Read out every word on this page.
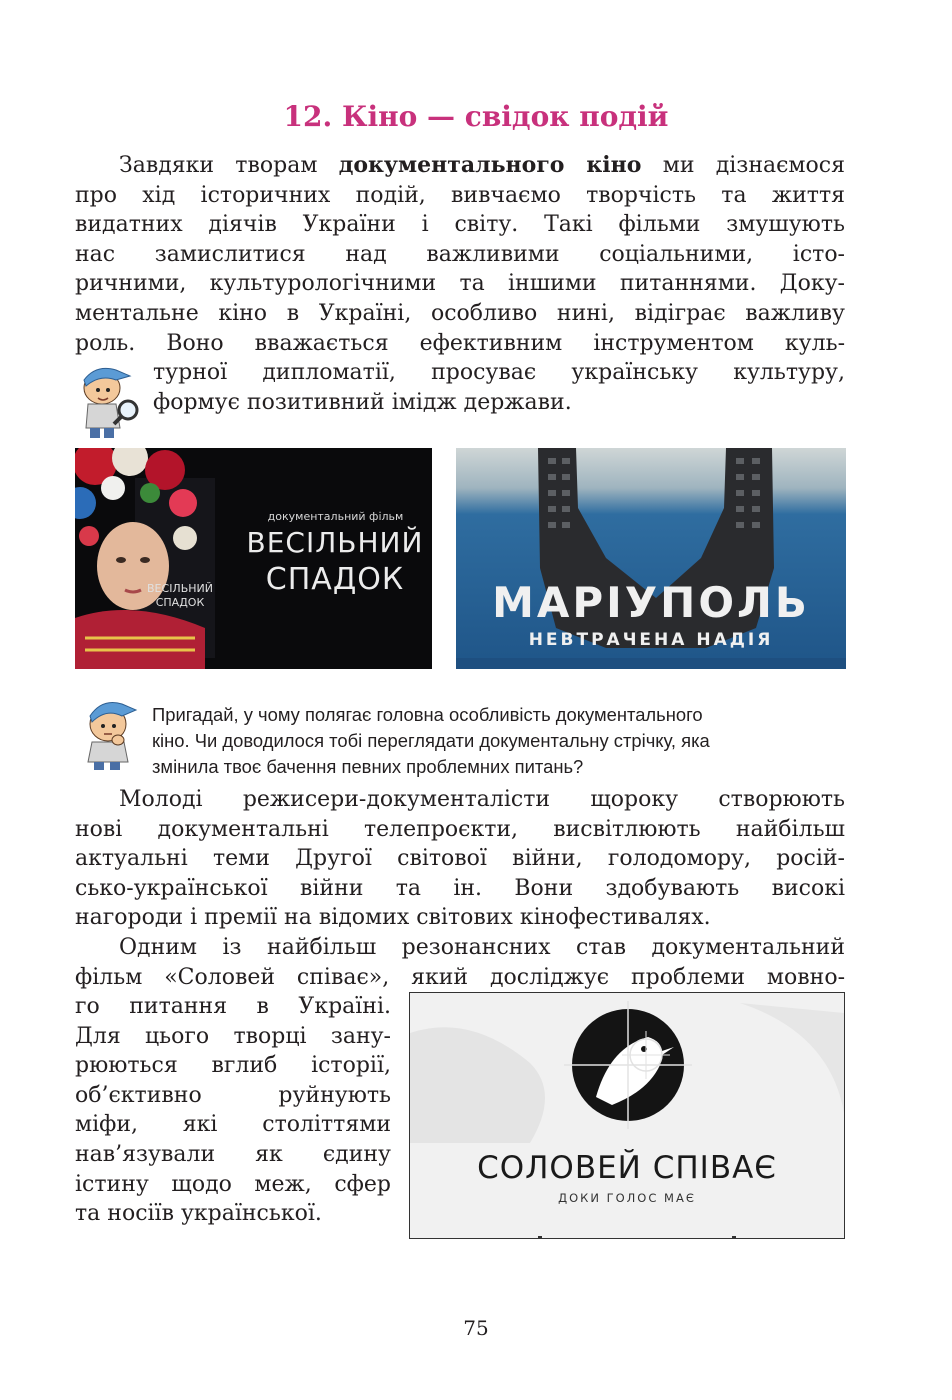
12. Кіно — свідок подій
Завдяки творам документального кіно ми дізнаємося
про хід історичних подій, вивчаємо творчість та життя
видатних діячів України і світу. Такі фільми змушують
нас замислитися над важливими соціальними, істо-
ричними, культурологічними та іншими питаннями. Доку-
ментальне кіно в Україні, особливо нині, відіграє важливу
роль. Воно вважається ефективним інструментом куль-
турної дипломатії, просуває українську культуру,
формує позитивний імідж держави.
документальний фільм
ВЕСІЛЬНИЙ
СПАДОК
ВЕСІЛЬНИЙ
СПАДОК	МАРІУПОЛЬ
НЕВТРАЧЕНА НАДІЯ
Пригадай, у чому полягає головна особливість документального
кіно. Чи доводилося тобі переглядати документальну стрічку, яка
змінила твоє бачення певних проблемних питань?
Молоді режисери-документалісти щороку створюють
нові документальні телепроєкти, висвітлюють найбільш
актуальні теми Другої світової війни, голодомору, росій-
сько-української війни та ін. Вони здобувають високі
нагороди і премії на відомих світових кінофестивалях.
Одним із найбільш резонансних став документальний
фільм «Соловей співає», який досліджує проблеми мовно-
го питання в Україні.
Для цього творці зану-
рюються вглиб історії,
об’єктивно руйнують
міфи, які століттями
нав’язували як єдину
істину щодо меж, сфер
та носіїв української.
СОЛОВЕЙ СПІВАЄ
ДОКИ ГОЛОС МАЄ
75
